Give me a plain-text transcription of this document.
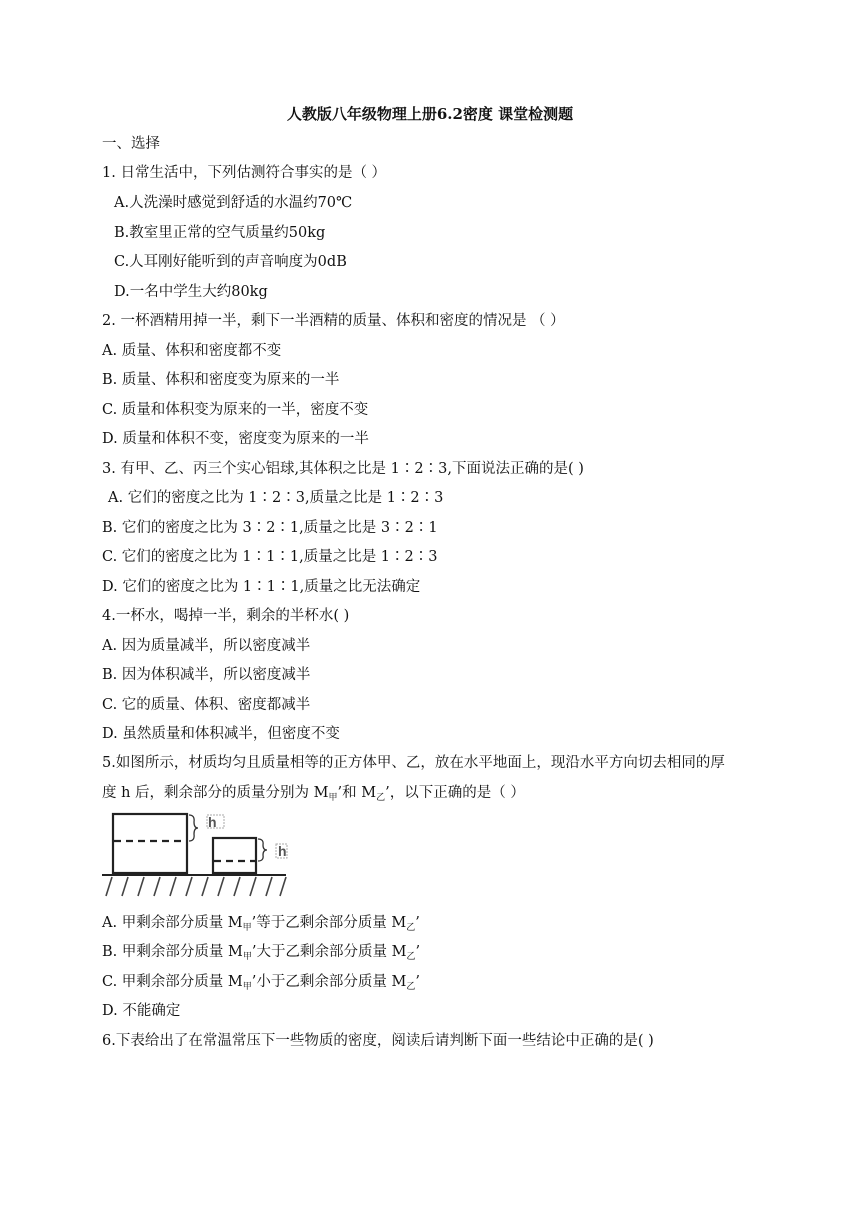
人教版八年级物理上册6.2密度 课堂检测题
一、选择
1. 日常生活中，下列估测符合事实的是（ ）
A.人洗澡时感觉到舒适的水温约70℃
B.教室里正常的空气质量约50kg
C.人耳刚好能听到的声音响度为0dB
D.一名中学生大约80kg
2. 一杯酒精用掉一半，剩下一半酒精的质量、体积和密度的情况是 （ ）
A. 质量、体积和密度都不变
B. 质量、体积和密度变为原来的一半
C. 质量和体积变为原来的一半，密度不变
D. 质量和体积不变，密度变为原来的一半
3. 有甲、乙、丙三个实心铝球,其体积之比是 1∶2∶3,下面说法正确的是( )
A. 它们的密度之比为 1∶2∶3,质量之比是 1∶2∶3
B. 它们的密度之比为 3∶2∶1,质量之比是 3∶2∶1
C. 它们的密度之比为 1∶1∶1,质量之比是 1∶2∶3
D. 它们的密度之比为 1∶1∶1,质量之比无法确定
4.一杯水，喝掉一半，剩余的半杯水( )
A. 因为质量减半，所以密度减半
B. 因为体积减半，所以密度减半
C. 它的质量、体积、密度都减半
D. 虽然质量和体积减半，但密度不变
5.如图所示，材质均匀且质量相等的正方体甲、乙，放在水平地面上，现沿水平方向切去相同的厚
度 h 后，剩余部分的质量分别为 $M_甲$’和 $M_乙$’，以下正确的是（ ）
h
h
A. 甲剩余部分质量 $M_甲$’等于乙剩余部分质量 $M_乙$’
B. 甲剩余部分质量 $M_甲$’大于乙剩余部分质量 $M_乙$’
C. 甲剩余部分质量 $M_甲$’小于乙剩余部分质量 $M_乙$’
D. 不能确定
6.下表给出了在常温常压下一些物质的密度，阅读后请判断下面一些结论中正确的是( )
